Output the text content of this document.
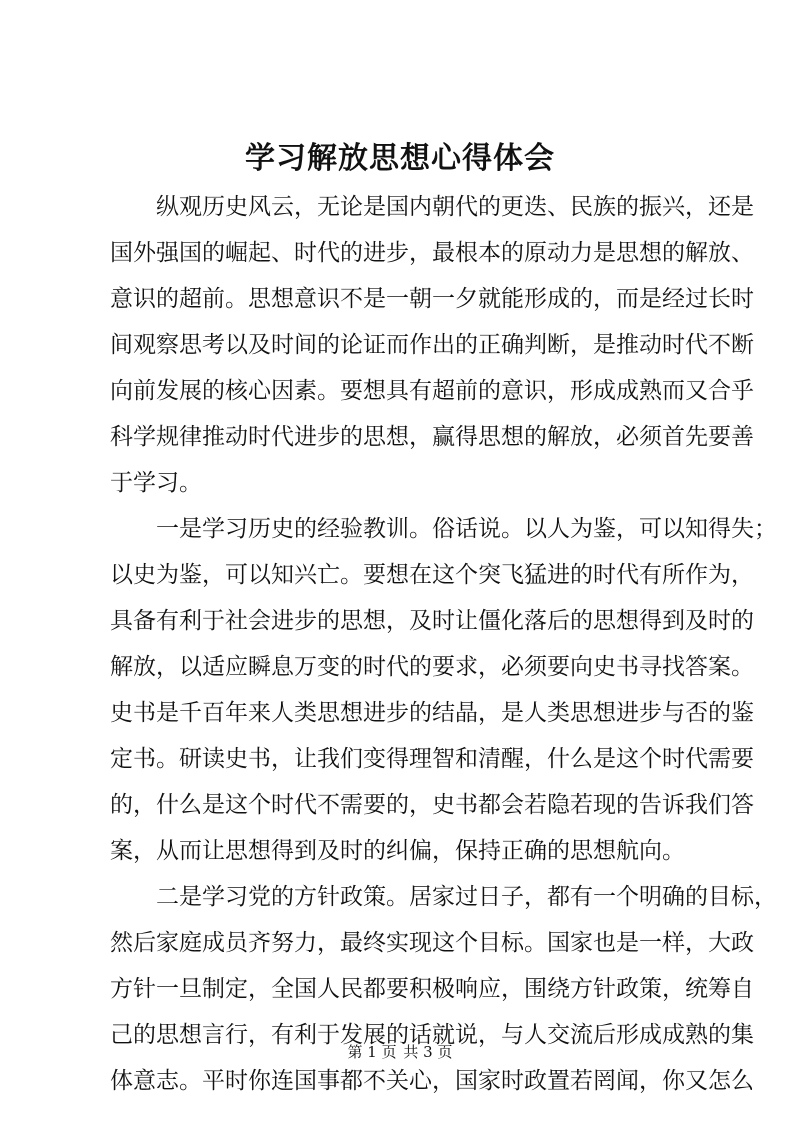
学习解放思想心得体会
纵观历史风云，无论是国内朝代的更迭、民族的振兴，还是
国外强国的崛起、时代的进步，最根本的原动力是思想的解放、
意识的超前。思想意识不是一朝一夕就能形成的，而是经过长时
间观察思考以及时间的论证而作出的正确判断，是推动时代不断
向前发展的核心因素。要想具有超前的意识，形成成熟而又合乎
科学规律推动时代进步的思想，赢得思想的解放，必须首先要善
于学习。
一是学习历史的经验教训。俗话说。以人为鉴，可以知得失；
以史为鉴，可以知兴亡。要想在这个突飞猛进的时代有所作为，
具备有利于社会进步的思想，及时让僵化落后的思想得到及时的
解放，以适应瞬息万变的时代的要求，必须要向史书寻找答案。
史书是千百年来人类思想进步的结晶，是人类思想进步与否的鉴
定书。研读史书，让我们变得理智和清醒，什么是这个时代需要
的，什么是这个时代不需要的，史书都会若隐若现的告诉我们答
案，从而让思想得到及时的纠偏，保持正确的思想航向。
二是学习党的方针政策。居家过日子，都有一个明确的目标，
然后家庭成员齐努力，最终实现这个目标。国家也是一样，大政
方针一旦制定，全国人民都要积极响应，围绕方针政策，统筹自
己的思想言行，有利于发展的话就说，与人交流后形成成熟的集
体意志。平时你连国事都不关心，国家时政置若罔闻，你又怎么
第 1 页 共 3 页
